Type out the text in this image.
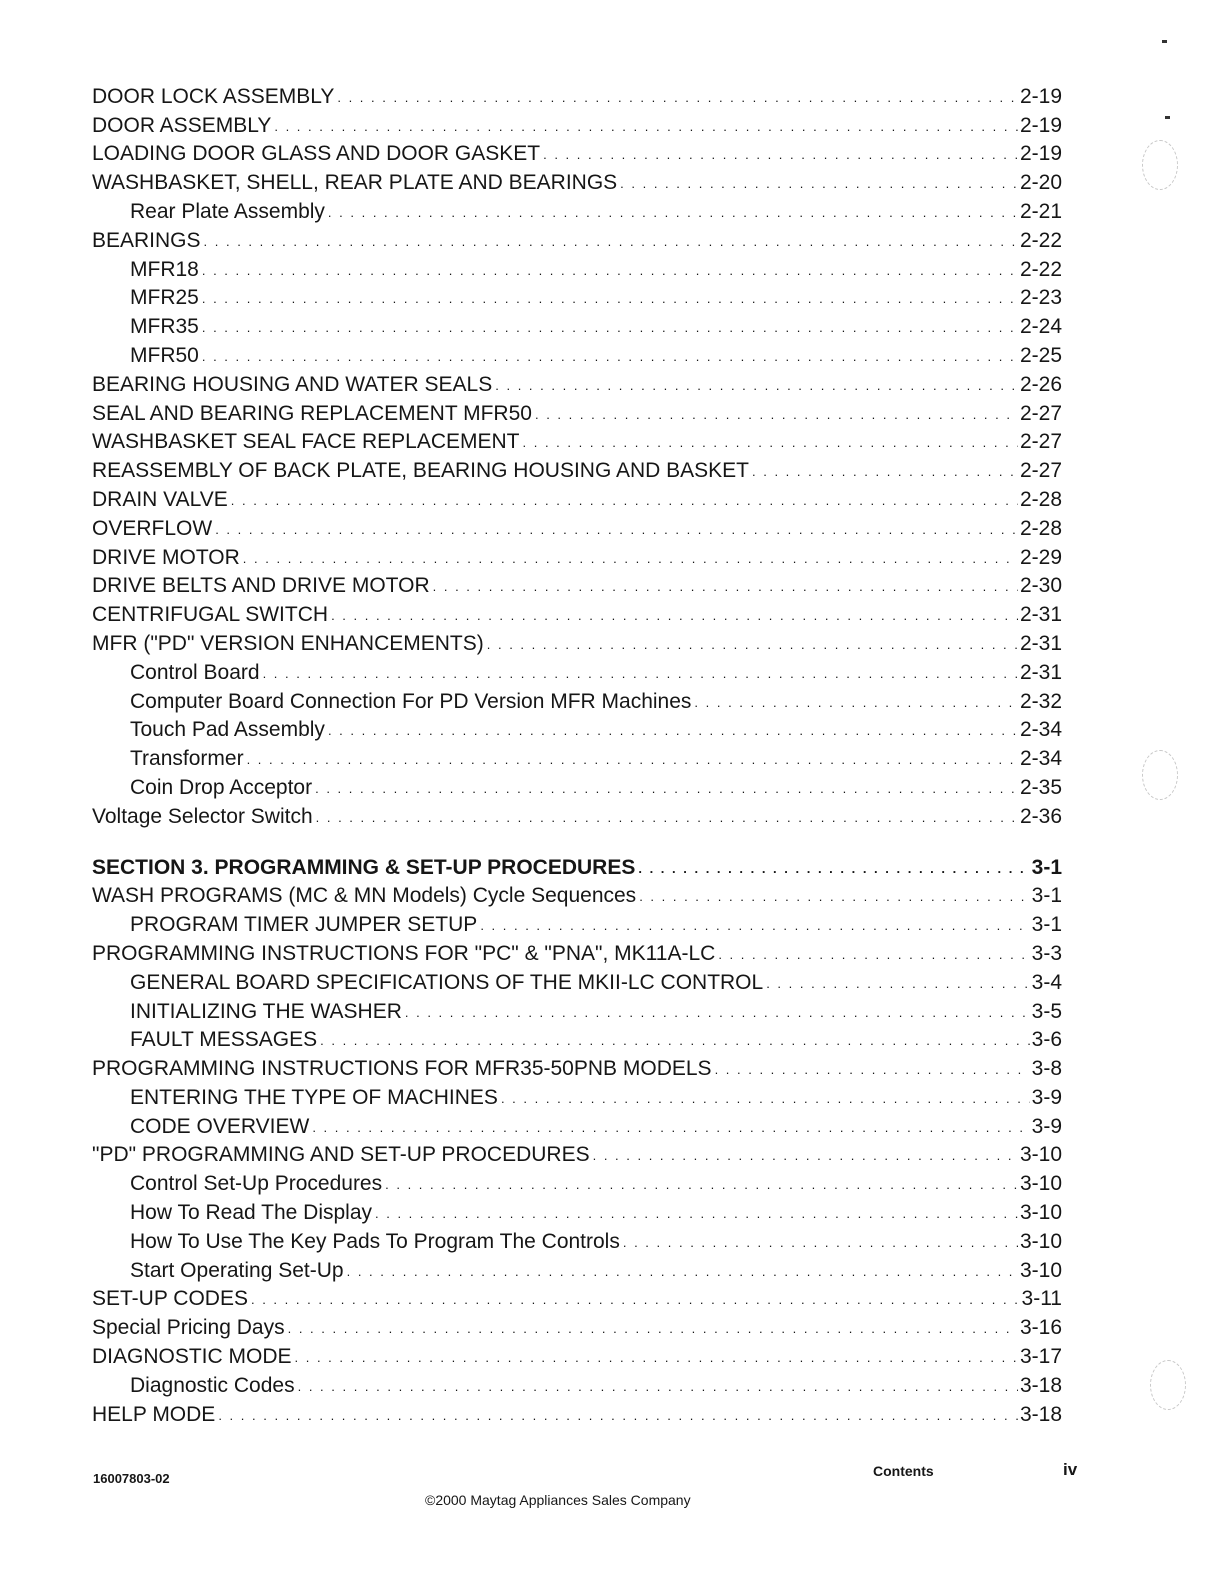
DOOR LOCK ASSEMBLY . . .	2-19
DOOR ASSEMBLY . . .	2-19
LOADING DOOR GLASS AND DOOR GASKET . . .	2-19
WASHBASKET, SHELL, REAR PLATE AND BEARINGS . . .	2-20
Rear Plate Assembly . . .	2-21
BEARINGS . . .	2-22
MFR18 . . .	2-22
MFR25 . . .	2-23
MFR35 . . .	2-24
MFR50 . . .	2-25
BEARING HOUSING AND WATER SEALS . . .	2-26
SEAL AND BEARING REPLACEMENT MFR50 . . .	2-27
WASHBASKET SEAL FACE REPLACEMENT . . .	2-27
REASSEMBLY OF BACK PLATE, BEARING HOUSING AND BASKET . . .	2-27
DRAIN VALVE . . .	2-28
OVERFLOW . . .	2-28
DRIVE MOTOR . . .	2-29
DRIVE BELTS AND DRIVE MOTOR . . .	2-30
CENTRIFUGAL SWITCH . . .	2-31
MFR ("PD" VERSION ENHANCEMENTS) . . .	2-31
Control Board . . .	2-31
Computer Board Connection For PD Version MFR Machines . . .	2-32
Touch Pad Assembly . . .	2-34
Transformer . . .	2-34
Coin Drop Acceptor . . .	2-35
Voltage Selector Switch . . .	2-36
SECTION 3. PROGRAMMING & SET-UP PROCEDURES . . .	3-1
WASH PROGRAMS (MC & MN Models) Cycle Sequences . . .	3-1
PROGRAM TIMER JUMPER SETUP . . .	3-1
PROGRAMMING INSTRUCTIONS FOR "PC" & "PNA", MK11A-LC . . .	3-3
GENERAL BOARD SPECIFICATIONS OF THE MKII-LC CONTROL . . .	3-4
INITIALIZING THE WASHER . . .	3-5
FAULT MESSAGES . . .	3-6
PROGRAMMING INSTRUCTIONS FOR MFR35-50PNB MODELS . . .	3-8
ENTERING THE TYPE OF MACHINES . . .	3-9
CODE OVERVIEW . . .	3-9
"PD" PROGRAMMING AND SET-UP PROCEDURES . . .	3-10
Control Set-Up Procedures . . .	3-10
How To Read The Display . . .	3-10
How To Use The Key Pads To Program The Controls . . .	3-10
Start Operating Set-Up . . .	3-10
SET-UP CODES . . .	3-11
Special Pricing Days . . .	3-16
DIAGNOSTIC MODE . . .	3-17
Diagnostic Codes . . .	3-18
HELP MODE . . .	3-18
16007803-02	Contents	iv
©2000 Maytag Appliances Sales Company
